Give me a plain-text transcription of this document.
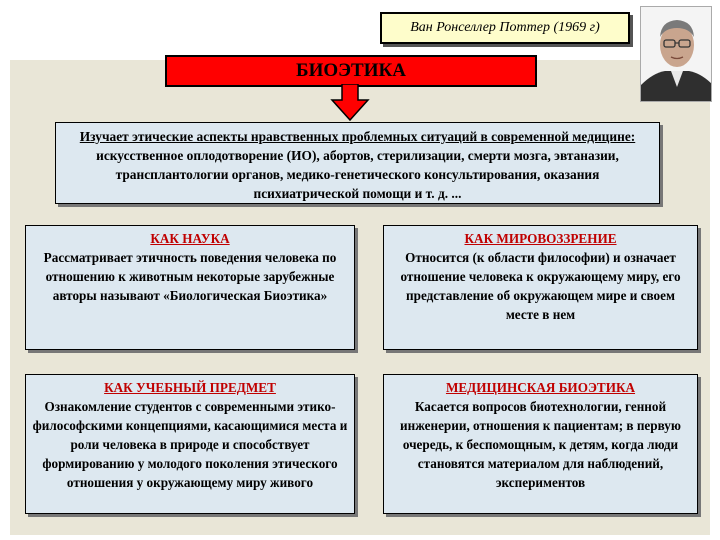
Ван Ронселлер Поттер (1969 г)
БИОЭТИКА
Изучает этические аспекты нравственных проблемных ситуаций в современной медицине: искусственное оплодотворение (ИО), абортов, стерилизации, смерти мозга, эвтаназии, трансплантологии органов, медико-генетического консультирования, оказания психиатрической помощи и т. д. ...
КАК НАУКА
Рассматривает этичность поведения человека по отношению к животным некоторые зарубежные авторы называют «Биологическая Биоэтика»
КАК МИРОВОЗЗРЕНИЕ
Относится (к области философии) и означает отношение человека к окружающему миру, его представление об окружающем мире и своем месте в нем
КАК УЧЕБНЫЙ ПРЕДМЕТ
Ознакомление студентов с современными этико-философскими концепциями, касающимися места и роли человека в природе и способствует формированию у молодого поколения этического отношения у окружающему миру живого
МЕДИЦИНСКАЯ БИОЭТИКА
Касается вопросов биотехнологии, генной инженерии, отношения к пациентам; в первую очередь, к беспомощным, к детям, когда люди становятся материалом для наблюдений, экспериментов
